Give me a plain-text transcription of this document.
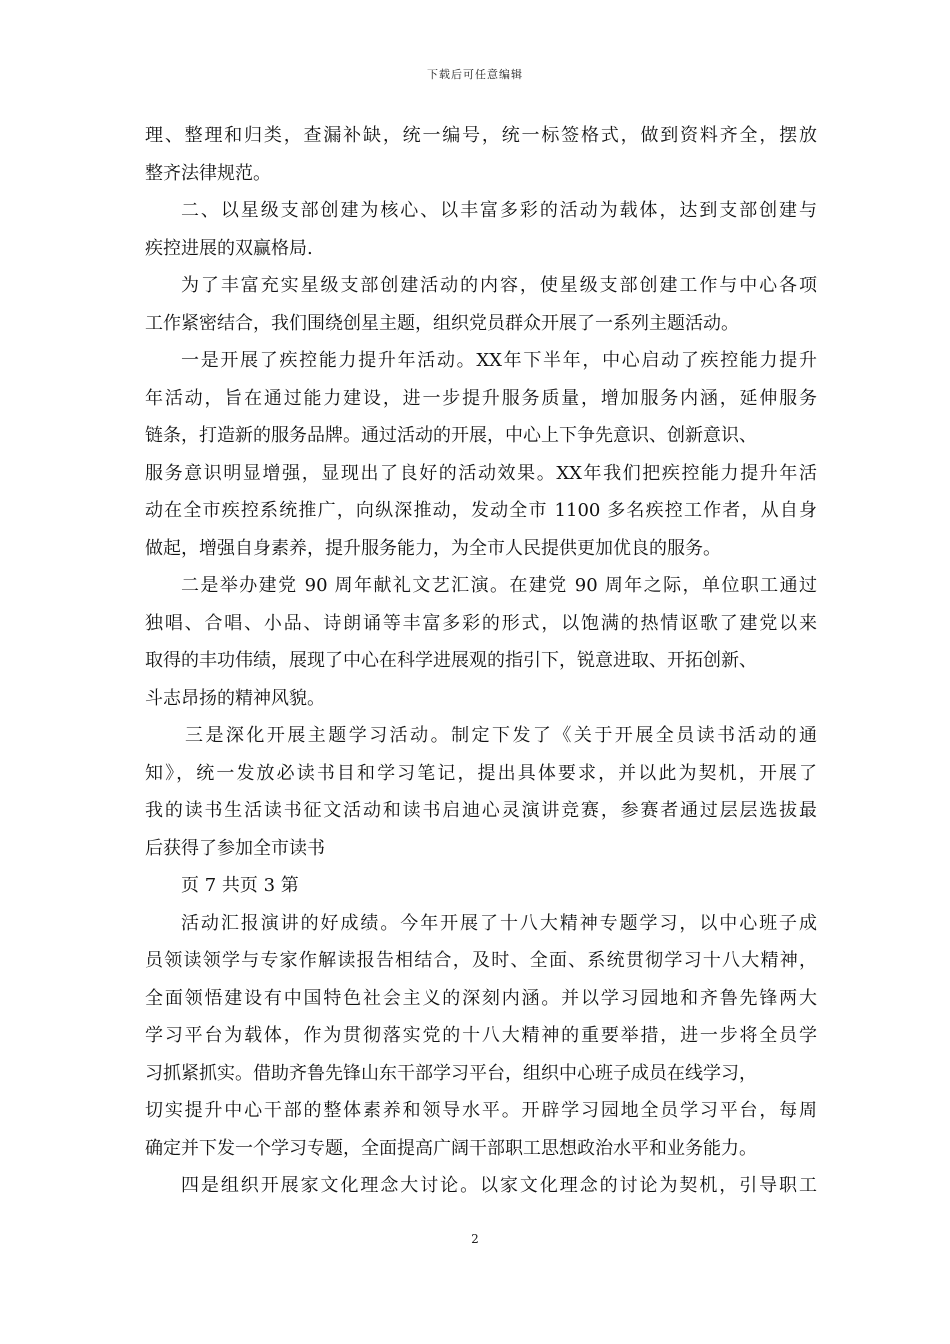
下载后可任意编辑
理、整理和归类，查漏补缺，统一编号，统一标签格式，做到资料齐全，摆放
整齐法律规范。
二、以星级支部创建为核心、以丰富多彩的活动为载体，达到支部创建与
疾控进展的双赢格局.
为了丰富充实星级支部创建活动的内容，使星级支部创建工作与中心各项
工作紧密结合，我们围绕创星主题，组织党员群众开展了一系列主题活动。
一是开展了疾控能力提升年活动。XX年下半年，中心启动了疾控能力提升
年活动，旨在通过能力建设，进一步提升服务质量，增加服务内涵，延伸服务
链条，打造新的服务品牌。通过活动的开展，中心上下争先意识、创新意识、
服务意识明显增强，显现出了良好的活动效果。XX年我们把疾控能力提升年活
动在全市疾控系统推广，向纵深推动，发动全市 1100 多名疾控工作者，从自身
做起，增强自身素养，提升服务能力，为全市人民提供更加优良的服务。
二是举办建党 90 周年献礼文艺汇演。在建党 90 周年之际，单位职工通过
独唱、合唱、小品、诗朗诵等丰富多彩的形式，以饱满的热情讴歌了建党以来
取得的丰功伟绩，展现了中心在科学进展观的指引下，锐意进取、开拓创新、
斗志昂扬的精神风貌。
三是深化开展主题学习活动。制定下发了《关于开展全员读书活动的通
知》，统一发放必读书目和学习笔记，提出具体要求，并以此为契机，开展了
我的读书生活读书征文活动和读书启迪心灵演讲竞赛，参赛者通过层层选拔最
后获得了参加全市读书
页 7 共页 3 第
活动汇报演讲的好成绩。今年开展了十八大精神专题学习，以中心班子成
员领读领学与专家作解读报告相结合，及时、全面、系统贯彻学习十八大精神，
全面领悟建设有中国特色社会主义的深刻内涵。并以学习园地和齐鲁先锋两大
学习平台为载体，作为贯彻落实党的十八大精神的重要举措，进一步将全员学
习抓紧抓实。借助齐鲁先锋山东干部学习平台，组织中心班子成员在线学习，
切实提升中心干部的整体素养和领导水平。开辟学习园地全员学习平台，每周
确定并下发一个学习专题，全面提高广阔干部职工思想政治水平和业务能力。
四是组织开展家文化理念大讨论。以家文化理念的讨论为契机，引导职工
2
